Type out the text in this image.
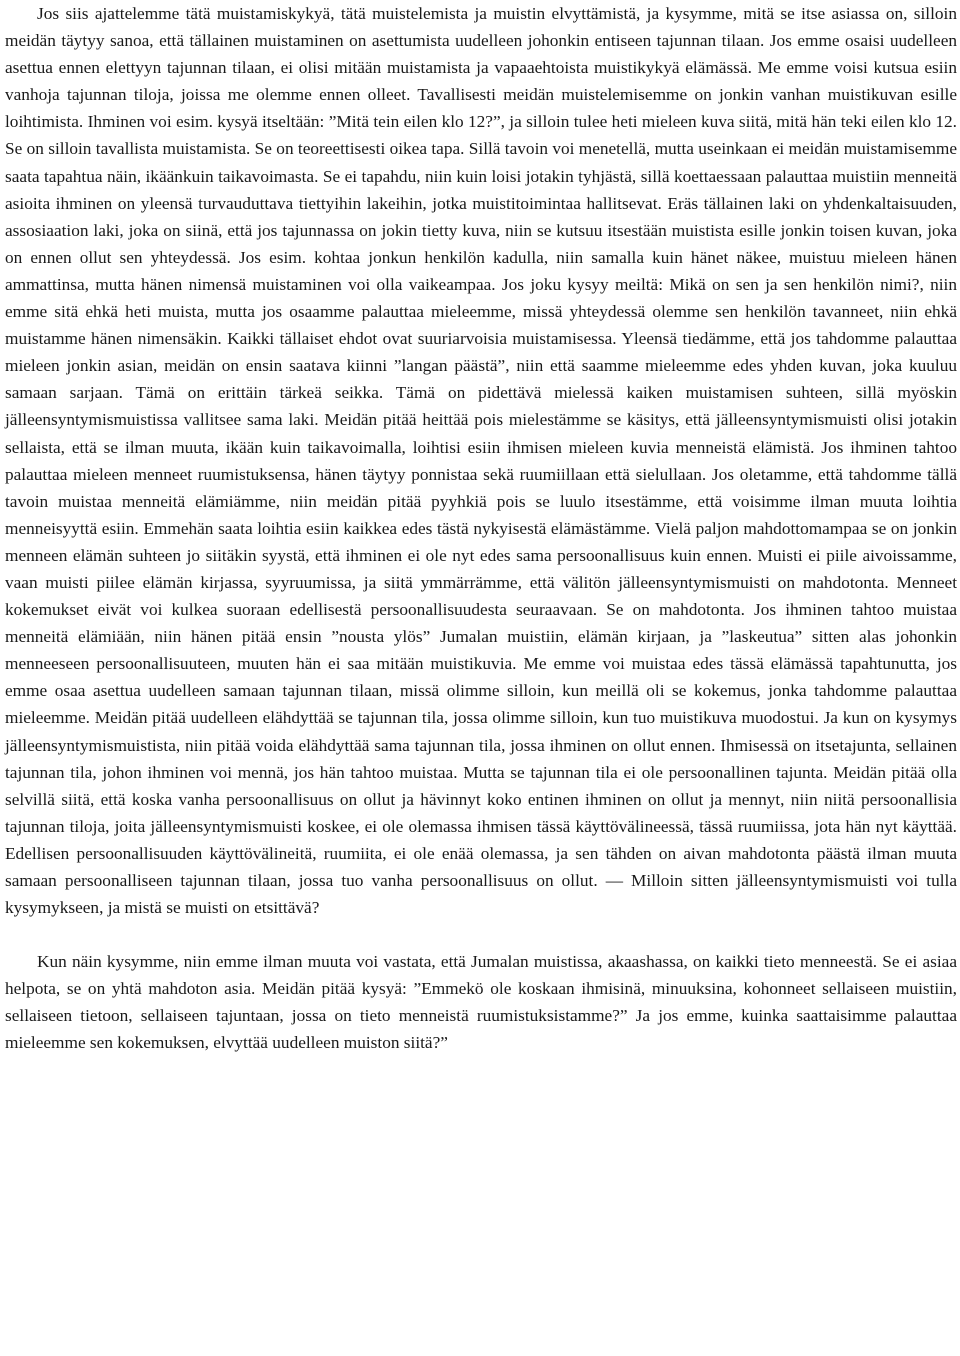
Jos siis ajattelemme tätä muistamiskykyä, tätä muistelemista ja muistin elvyttämistä, ja kysymme, mitä se itse asiassa on, silloin meidän täytyy sanoa, että tällainen muistaminen on asettumista uudelleen johonkin entiseen tajunnan tilaan. Jos emme osaisi uudelleen asettua ennen elettyyn tajunnan tilaan, ei olisi mitään muistamista ja vapaaehtoista muistikykyä elämässä. Me emme voisi kutsua esiin vanhoja tajunnan tiloja, joissa me olemme ennen olleet. Tavallisesti meidän muistelemisemme on jonkin vanhan muistikuvan esille loihtimista. Ihminen voi esim. kysyä itseltään: ”Mitä tein eilen klo 12?”, ja silloin tulee heti mieleen kuva siitä, mitä hän teki eilen klo 12. Se on silloin tavallista muistamista. Se on teoreettisesti oikea tapa. Sillä tavoin voi menetellä, mutta useinkaan ei meidän muistamisemme saata tapahtua näin, ikäänkuin taikavoimasta. Se ei tapahdu, niin kuin loisi jotakin tyhjästä, sillä koettaessaan palauttaa muistiin menneitä asioita ihminen on yleensä turvauduttava tiettyihin lakeihin, jotka muistitoimintaa hallitsevat. Eräs tällainen laki on yhdenkaltaisuuden, assosiaation laki, joka on siinä, että jos tajunnassa on jokin tietty kuva, niin se kutsuu itsestään muistista esille jonkin toisen kuvan, joka on ennen ollut sen yhteydessä. Jos esim. kohtaa jonkun henkilön kadulla, niin samalla kuin hänet näkee, muistuu mieleen hänen ammattinsa, mutta hänen nimensä muistaminen voi olla vaikeampaa. Jos joku kysyy meiltä: Mikä on sen ja sen henkilön nimi?, niin emme sitä ehkä heti muista, mutta jos osaamme palauttaa mieleemme, missä yhteydessä olemme sen henkilön tavanneet, niin ehkä muistamme hänen nimensäkin. Kaikki tällaiset ehdot ovat suuriarvoisia muistamisessa. Yleensä tiedämme, että jos tahdomme palauttaa mieleen jonkin asian, meidän on ensin saatava kiinni ”langan päästä”, niin että saamme mieleemme edes yhden kuvan, joka kuuluu samaan sarjaan. Tämä on erittäin tärkeä seikka. Tämä on pidettävä mielessä kaiken muistamisen suhteen, sillä myöskin jälleensyntymismuistissa vallitsee sama laki. Meidän pitää heittää pois mielestämme se käsitys, että jälleensyntymismuisti olisi jotakin sellaista, että se ilman muuta, ikään kuin taikavoimalla, loihtisi esiin ihmisen mieleen kuvia menneistä elämistä. Jos ihminen tahtoo palauttaa mieleen menneet ruumistuksensa, hänen täytyy ponnistaa sekä ruumiillaan että sielullaan. Jos oletamme, että tahdomme tällä tavoin muistaa menneitä elämiämme, niin meidän pitää pyyhkiä pois se luulo itsestämme, että voisimme ilman muuta loihtia menneisyyttä esiin. Emmehän saata loihtia esiin kaikkea edes tästä nykyisestä elämästämme. Vielä paljon mahdottomampaa se on jonkin menneen elämän suhteen jo siitäkin syystä, että ihminen ei ole nyt edes sama persoonallisuus kuin ennen. Muisti ei piile aivoissamme, vaan muisti piilee elämän kirjassa, syyruumissa, ja siitä ymmärrämme, että välitön jälleensyntymismuisti on mahdotonta. Menneet kokemukset eivät voi kulkea suoraan edellisestä persoonallisuudesta seuraavaan. Se on mahdotonta. Jos ihminen tahtoo muistaa menneitä elämiään, niin hänen pitää ensin ”nousta ylös” Jumalan muistiin, elämän kirjaan, ja ”laskeutua” sitten alas johonkin menneeseen persoonallisuuteen, muuten hän ei saa mitään muistikuvia. Me emme voi muistaa edes tässä elämässä tapahtunutta, jos emme osaa asettua uudelleen samaan tajunnan tilaan, missä olimme silloin, kun meillä oli se kokemus, jonka tahdomme palauttaa mieleemme. Meidän pitää uudelleen elähdyttää se tajunnan tila, jossa olimme silloin, kun tuo muistikuva muodostui. Ja kun on kysymys jälleensyntymismuistista, niin pitää voida elähdyttää sama tajunnan tila, jossa ihminen on ollut ennen. Ihmisessä on itsetajunta, sellainen tajunnan tila, johon ihminen voi mennä, jos hän tahtoo muistaa. Mutta se tajunnan tila ei ole persoonallinen tajunta. Meidän pitää olla selvillä siitä, että koska vanha persoonallisuus on ollut ja hävinnyt koko entinen ihminen on ollut ja mennyt, niin niitä persoonallisia tajunnan tiloja, joita jälleensyntymismuisti koskee, ei ole olemassa ihmisen tässä käyttövälineessä, tässä ruumiissa, jota hän nyt käyttää. Edellisen persoonallisuuden käyttövälineitä, ruumiita, ei ole enää olemassa, ja sen tähden on aivan mahdotonta päästä ilman muuta samaan persoonalliseen tajunnan tilaan, jossa tuo vanha persoonallisuus on ollut. — Milloin sitten jälleensyntymismuisti voi tulla kysymykseen, ja mistä se muisti on etsittävä?

Kun näin kysymme, niin emme ilman muuta voi vastata, että Jumalan muistissa, akaashassa, on kaikki tieto menneestä. Se ei asiaa helpota, se on yhtä mahdoton asia. Meidän pitää kysyä: ”Emmekö ole koskaan ihmisinä, minuuksina, kohonneet sellaiseen muistiin, sellaiseen tietoon, sellaiseen tajuntaan, jossa on tieto menneistä ruumistuksistamme?” Ja jos emme, kuinka saattaisimme palauttaa mieleemme sen kokemuksen, elvyttää uudelleen muiston siitä?”
